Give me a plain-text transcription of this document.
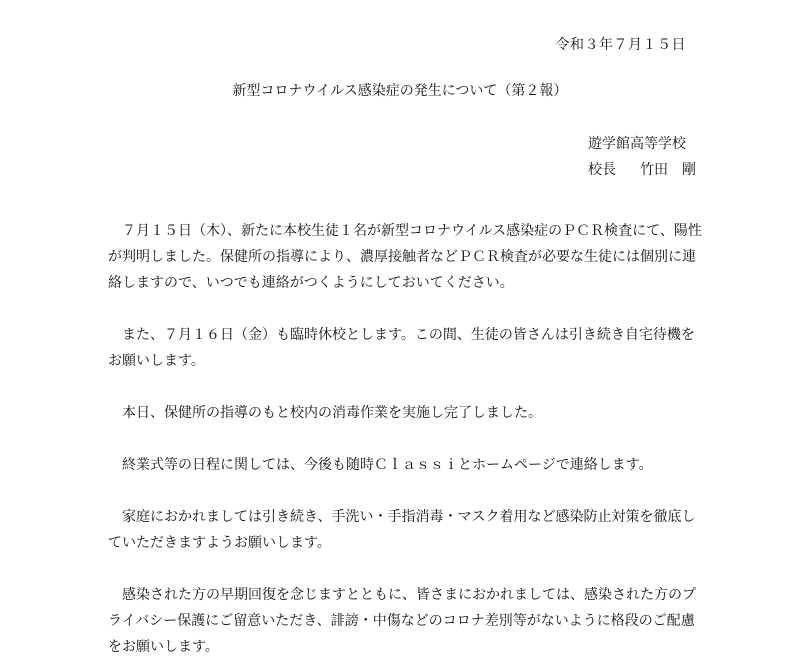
令和３年７月１５日
新型コロナウイルス感染症の発生について（第２報）
遊学館高等学校
校長 竹田　剛

７月１５日（木）、新たに本校生徒１名が新型コロナウイルス感染症のＰＣＲ検査にて、陽性が判明しました。保健所の指導により、濃厚接触者などＰＣＲ検査が必要な生徒には個別に連絡しますので、いつでも連絡がつくようにしておいてください。

また、７月１６日（金）も臨時休校とします。この間、生徒の皆さんは引き続き自宅待機をお願いします。

本日、保健所の指導のもと校内の消毒作業を実施し完了しました。

終業式等の日程に関しては、今後も随時Ｃｌａｓｓｉとホームページで連絡します。

家庭におかれましては引き続き、手洗い・手指消毒・マスク着用など感染防止対策を徹底していただきますようお願いします。

感染された方の早期回復を念じますとともに、皆さまにおかれましては、感染された方のプライバシー保護にご留意いただき、誹謗・中傷などのコロナ差別等がないように格段のご配慮をお願いします。
